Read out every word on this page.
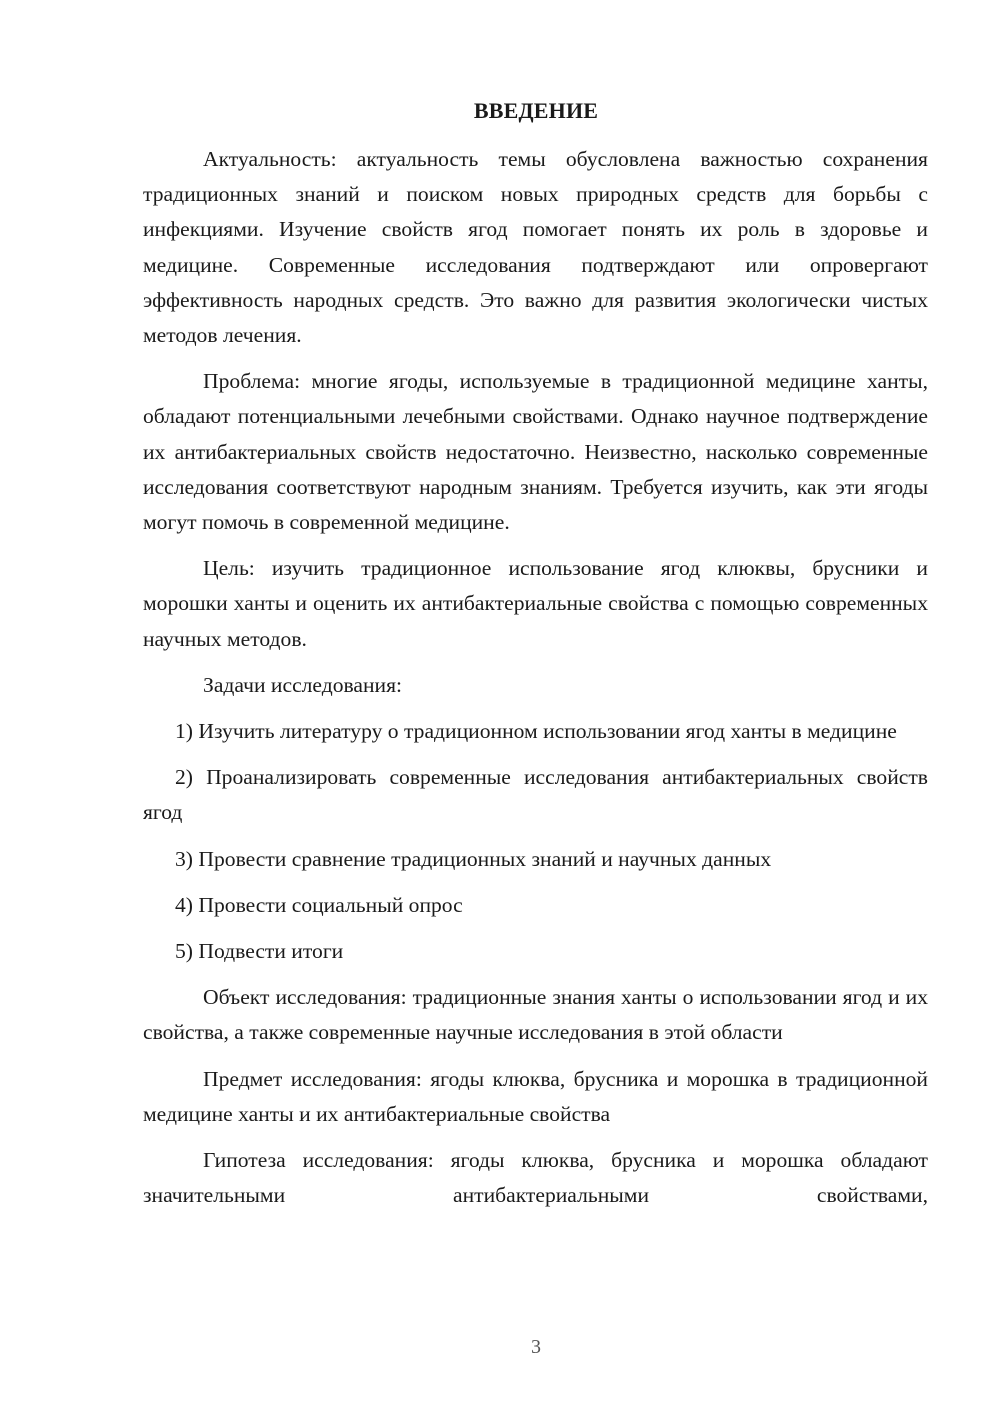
ВВЕДЕНИЕ

Актуальность: актуальность темы обусловлена важностью сохранения традиционных знаний и поиском новых природных средств для борьбы с инфекциями. Изучение свойств ягод помогает понять их роль в здоровье и медицине. Современные исследования подтверждают или опровергают эффективность народных средств. Это важно для развития экологически чистых методов лечения.

Проблема: многие ягоды, используемые в традиционной медицине ханты, обладают потенциальными лечебными свойствами. Однако научное подтверждение их антибактериальных свойств недостаточно. Неизвестно, насколько современные исследования соответствуют народным знаниям. Требуется изучить, как эти ягоды могут помочь в современной медицине.

Цель: изучить традиционное использование ягод клюквы, брусники и морошки ханты и оценить их антибактериальные свойства с помощью современных научных методов.

Задачи исследования:

1) Изучить литературу о традиционном использовании ягод ханты в медицине

2) Проанализировать современные исследования антибактериальных свойств ягод

3) Провести сравнение традиционных знаний и научных данных

4) Провести социальный опрос

5) Подвести итоги

Объект исследования: традиционные знания ханты о использовании ягод и их свойства, а также современные научные исследования в этой области

Предмет исследования: ягоды клюква, брусника и морошка в традиционной медицине ханты и их антибактериальные свойства

Гипотеза исследования: ягоды клюква, брусника и морошка обладают значительными антибактериальными свойствами,

3
